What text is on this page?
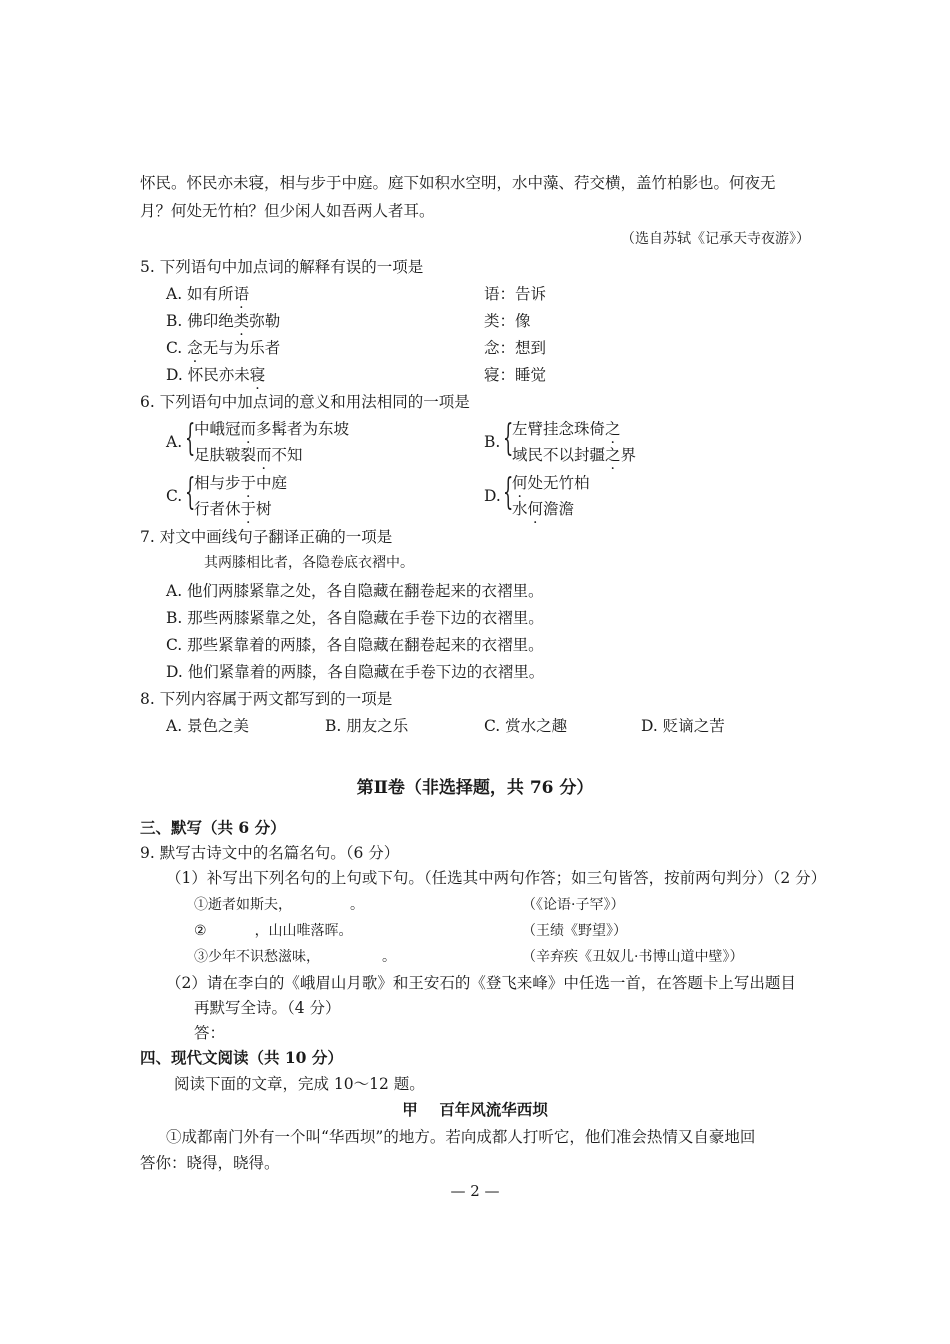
怀民。怀民亦未寝，相与步于中庭。庭下如积水空明，水中藻、荇交横，盖竹柏影也。何夜无
月？何处无竹柏？但少闲人如吾两人者耳。
（选自苏轼《记承天寺夜游》）
5. 下列语句中加点词的解释有误的一项是
A. 如有所语	语：告诉
B. 佛印绝类弥勒	类：像
C. 念无与为乐者	念：想到
D. 怀民亦未寝	寝：睡觉
6. 下列语句中加点词的意义和用法相同的一项是
A. {
中峨冠而多髯者为东坡
足肤皲裂而不知
B. {
左臂挂念珠倚之
域民不以封疆之界
C. {
相与步于中庭
行者休于树
D. {
何处无竹柏
水何澹澹
7. 对文中画线句子翻译正确的一项是
其两膝相比者，各隐卷底衣褶中。
A. 他们两膝紧靠之处，各自隐藏在翻卷起来的衣褶里。
B. 那些两膝紧靠之处，各自隐藏在手卷下边的衣褶里。
C. 那些紧靠着的两膝，各自隐藏在翻卷起来的衣褶里。
D. 他们紧靠着的两膝，各自隐藏在手卷下边的衣褶里。
8. 下列内容属于两文都写到的一项是
A. 景色之美	B. 朋友之乐	C. 赏水之趣	D. 贬谪之苦
第Ⅱ卷（非选择题，共 76 分）
三、默写（共 6 分）
9. 默写古诗文中的名篇名句。（6 分）
（1）补写出下列名句的上句或下句。（任选其中两句作答；如三句皆答，按前两句判分）（2 分）
①逝者如斯夫，	。	（《论语·子罕》）
②	，山山唯落晖。	（王绩《野望》）
③少年不识愁滋味，	。	（辛弃疾《丑奴儿·书博山道中壁》）
（2）请在李白的《峨眉山月歌》和王安石的《登飞来峰》中任选一首，在答题卡上写出题目
再默写全诗。（4 分）
答：
四、现代文阅读（共 10 分）
阅读下面的文章，完成 10～12 题。
甲    百年风流华西坝
①成都南门外有一个叫“华西坝”的地方。若向成都人打听它，他们准会热情又自豪地回
答你：晓得，晓得。
— 2 —
